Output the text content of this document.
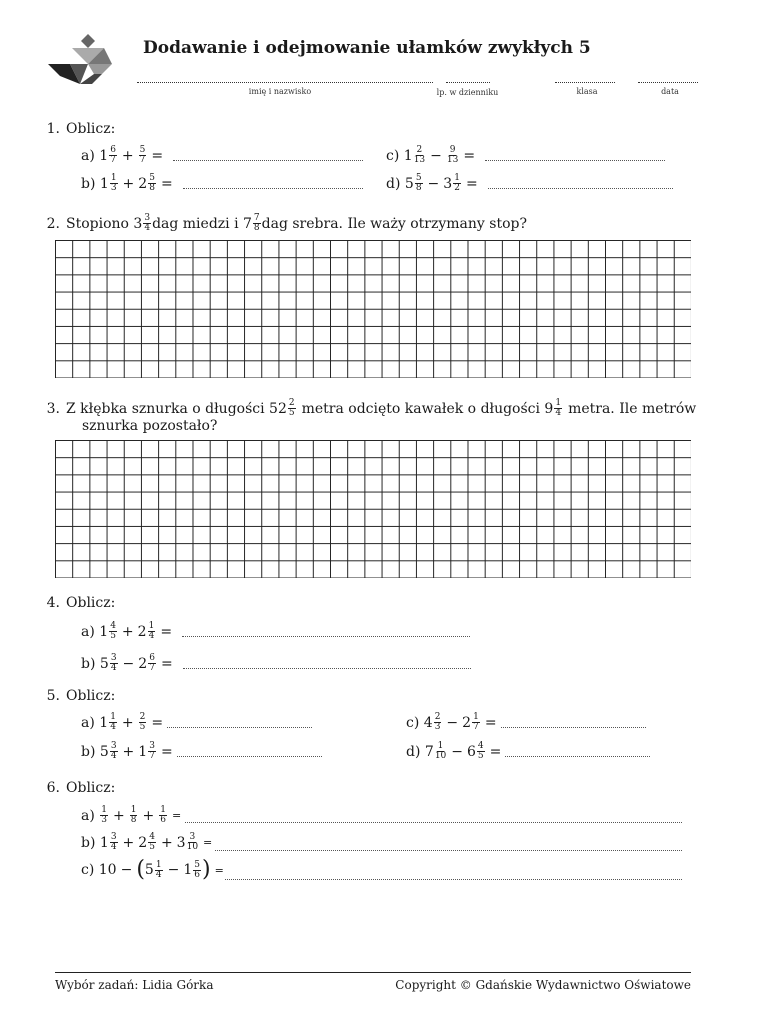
Dodawanie i odejmowanie ułamków zwykłych 5
imię i nazwisko	lp. w dzienniku	klasa	data
1. Oblicz:
a)
$1 \frac{6}{7} + \frac{5}{7}$ =	c)
$1 \frac{2}{13} - \frac{9}{13}$ =
b)
$1 \frac{1}{3} + 2 \frac{5}{8}$ =	d)
$5 \frac{5}{8} - 3 \frac{1}{2}$ =
2. Stopiono $3 \frac{3}{4}$ dag miedzi i $7 \frac{7}{8}$ dag srebra. Ile waży otrzymany stop?
3. Z kłębka sznurka o długości $52 \frac{2}{5}$ metra odcięto kawałek o długości $9 \frac{1}{4}$ metra. Ile metrów
sznurka pozostało?
4. Oblicz:
a)
$1 \frac{4}{5} + 2 \frac{1}{4}$ =
b)
$5 \frac{3}{4} - 2 \frac{6}{7}$ =
5. Oblicz:
a)
$1 \frac{1}{4} + \frac{2}{5}$ =	c)
$4 \frac{2}{3} - 2 \frac{1}{7}$ =
b)
$5 \frac{3}{4} + 1 \frac{3}{7}$ =	d)
$7 \frac{1}{10} - 6 \frac{4}{5}$ =
6. Oblicz:
a)
$\frac{1}{3} + \frac{1}{8} + \frac{1}{6}$ =
b)
$1 \frac{3}{4} + 2 \frac{4}{5} + 3 \frac{3}{10}$ =
c)
10 − ( $5 \frac{1}{4} - 1 \frac{5}{6}$ ) =
Wybór zadań: Lidia Górka	Copyright © Gdańskie Wydawnictwo Oświatowe
